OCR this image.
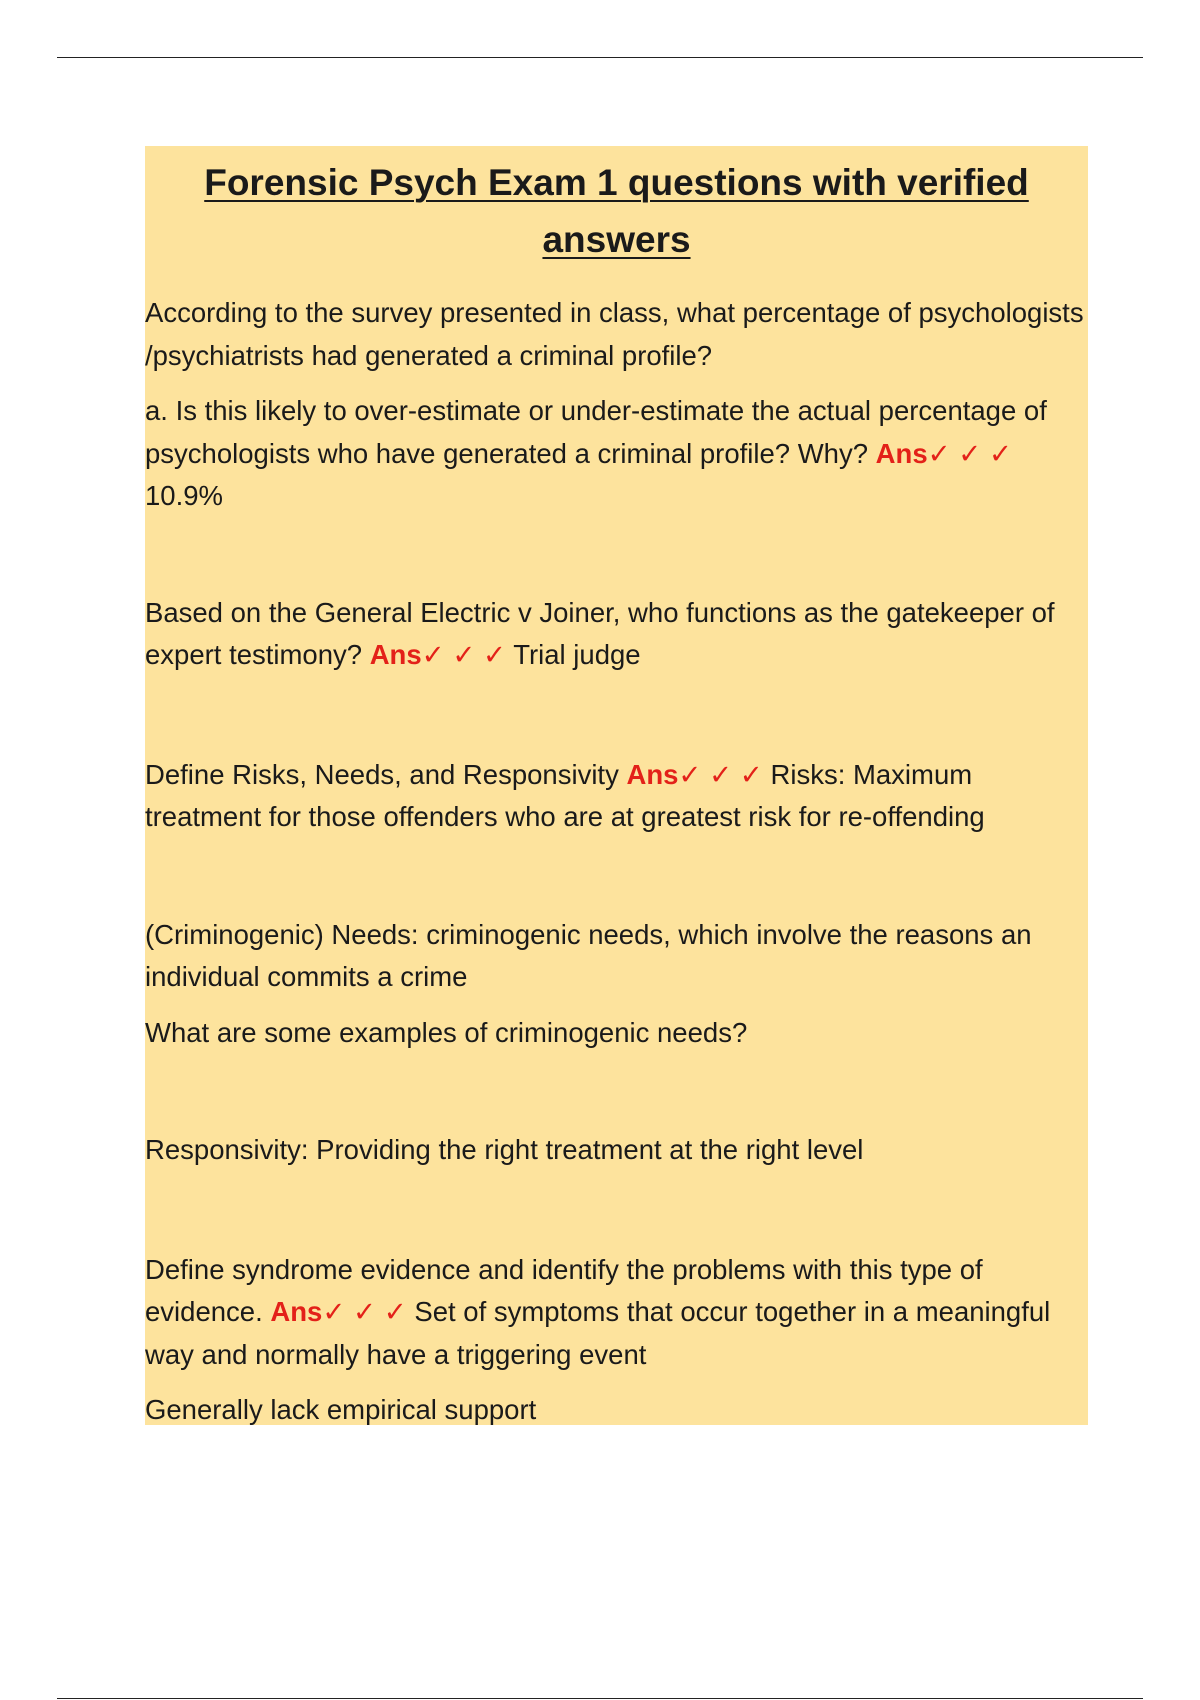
Forensic Psych Exam 1 questions with verified answers

According to the survey presented in class, what percentage of psychologists /psychiatrists had generated a criminal profile?

a. Is this likely to over-estimate or under-estimate the actual percentage of psychologists who have generated a criminal profile? Why? Ans✓ ✓ ✓ 10.9%

Based on the General Electric v Joiner, who functions as the gatekeeper of expert testimony? Ans✓ ✓ ✓ Trial judge

Define Risks, Needs, and Responsivity Ans✓ ✓ ✓ Risks: Maximum treatment for those offenders who are at greatest risk for re-offending

(Criminogenic) Needs: criminogenic needs, which involve the reasons an individual commits a crime

What are some examples of criminogenic needs?

Responsivity: Providing the right treatment at the right level

Define syndrome evidence and identify the problems with this type of evidence. Ans✓ ✓ ✓ Set of symptoms that occur together in a meaningful way and normally have a triggering event

Generally lack empirical support
